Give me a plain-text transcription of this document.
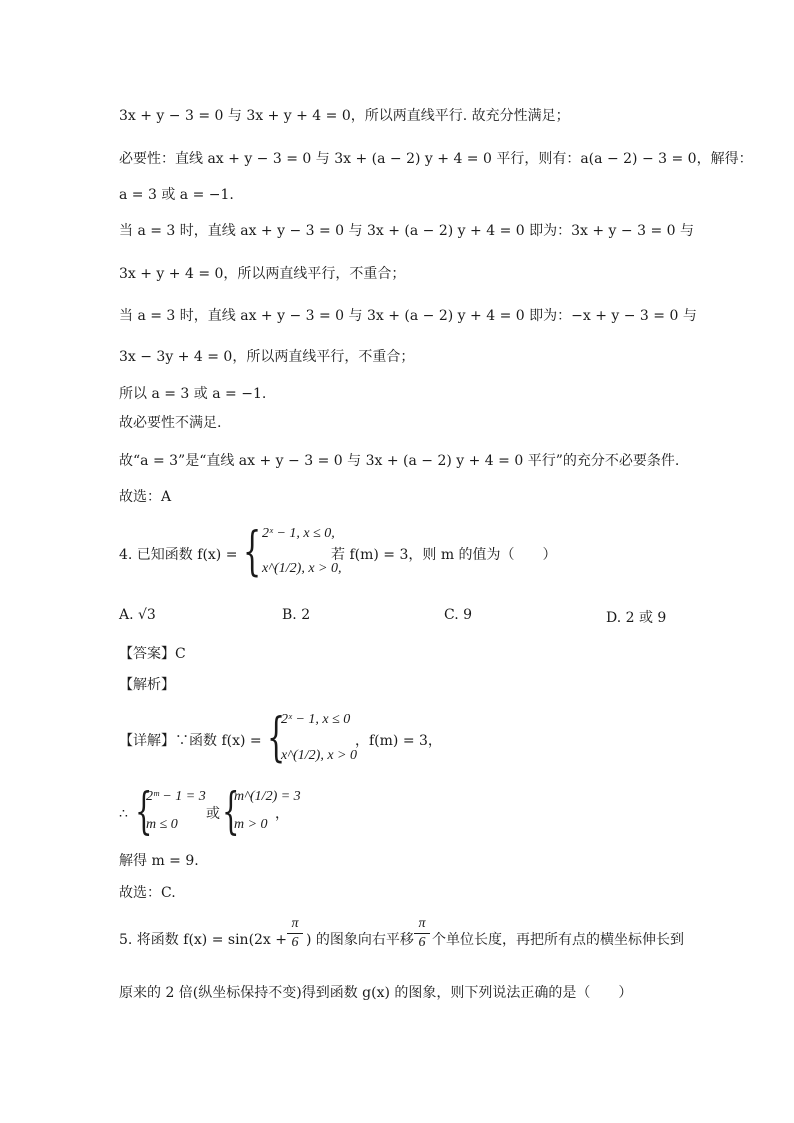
3x + y − 3 = 0 与 3x + y + 4 = 0，所以两直线平行. 故充分性满足；
必要性：直线 ax + y − 3 = 0 与 3x + (a − 2) y + 4 = 0 平行，则有：a(a − 2) − 3 = 0，解得：
a = 3 或 a = −1.
当 a = 3 时，直线 ax + y − 3 = 0 与 3x + (a − 2) y + 4 = 0 即为：3x + y − 3 = 0 与
3x + y + 4 = 0，所以两直线平行，不重合；
当 a = 3 时，直线 ax + y − 3 = 0 与 3x + (a − 2) y + 4 = 0 即为：−x + y − 3 = 0 与
3x − 3y + 4 = 0，所以两直线平行，不重合；
所以 a = 3 或 a = −1.
故必要性不满足.
故“a = 3”是“直线 ax + y − 3 = 0 与 3x + (a − 2) y + 4 = 0 平行”的充分不必要条件.
故选：A
4. 已知函数 f(x) = { 2ˣ − 1, x ≤ 0,
x^(1/2), x > 0,
若 f(m) = 3，则 m 的值为（　　）
A. √3	B. 2	C. 9	D. 2 或 9
【答案】C
【解析】
【详解】∵函数 f(x) = {
2ˣ − 1, x ≤ 0
x^(1/2), x > 0
，f(m) = 3，
∴ {
2ᵐ − 1 = 3
m ≤ 0
或 {
m^(1/2) = 3
m > 0
，
解得 m = 9.
故选：C.
5. 将函数 f(x) = sin(2x +
π
6 ) 的图象向右平移
π
6 个单位长度，再把所有点的横坐标伸长到
原来的 2 倍(纵坐标保持不变)得到函数 g(x) 的图象，则下列说法正确的是（　　）
